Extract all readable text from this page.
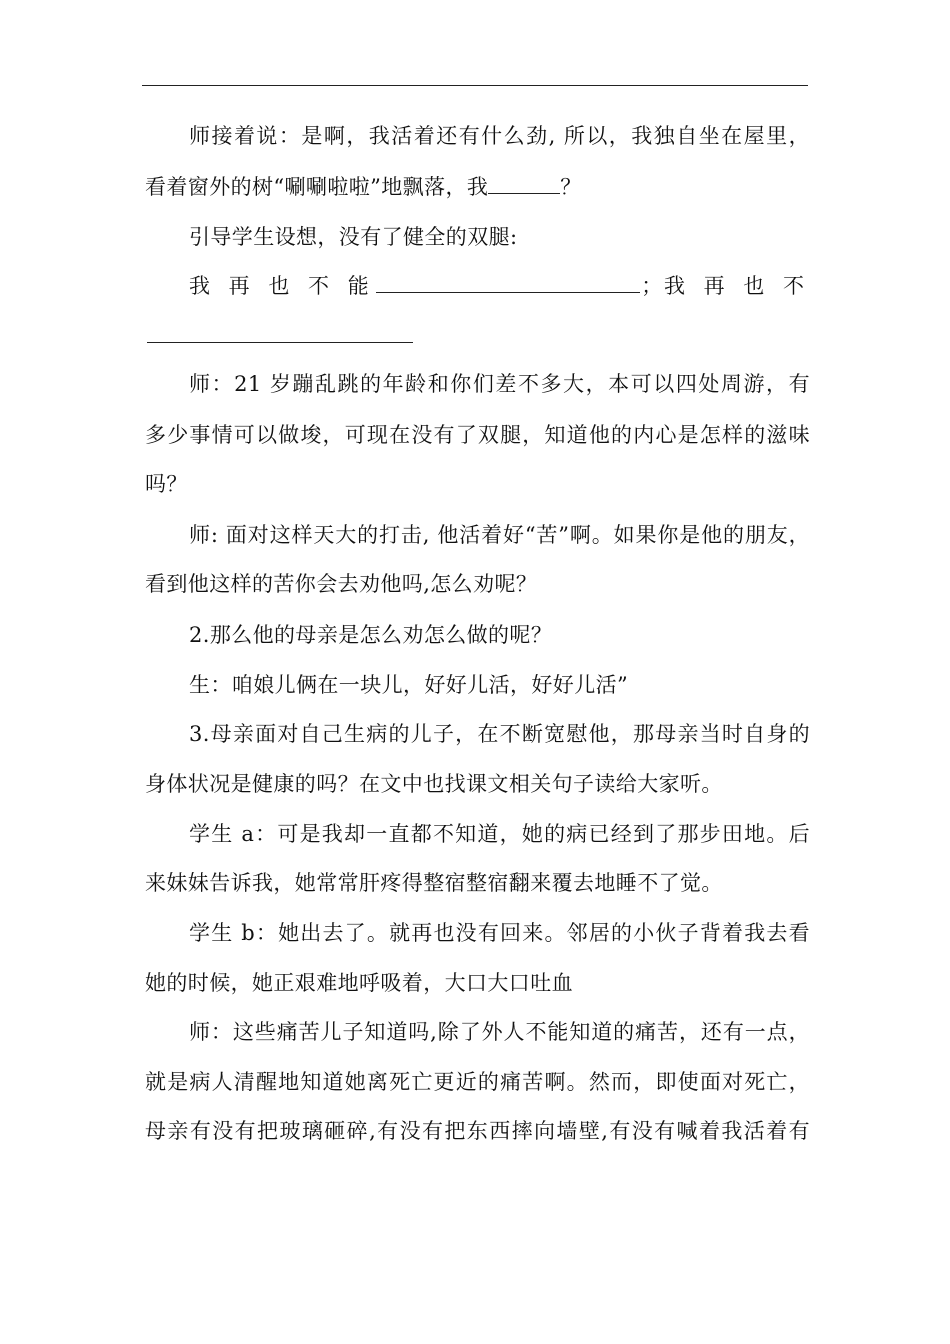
师接着说：是啊，我活着还有什么劲, 所以，我独自坐在屋里，
看着窗外的树“唰唰啦啦”地飘落，我	？
引导学生设想，没有了健全的双腿:
我 再 也 不 能	； 我 再 也 不
师：21 岁蹦乱跳的年龄和你们差不多大，本可以四处周游，有
多少事情可以做埈，可现在没有了双腿，知道他的内心是怎样的滋味
吗？
师: 面对这样天大的打击, 他活着好“苦”啊。如果你是他的朋友，
看到他这样的苦你会去劝他吗,怎么劝呢？
2.那么他的母亲是怎么劝怎么做的呢？
生：咱娘儿俩在一块儿，好好儿活，好好儿活”
3.母亲面对自己生病的儿子，在不断宽慰他，那母亲当时自身的
身体状况是健康的吗？在文中也找课文相关句子读给大家听。
学生 a：可是我却一直都不知道，她的病已经到了那步田地。后
来妹妹告诉我，她常常肝疼得整宿整宿翻来覆去地睡不了觉。
学生 b：她出去了。就再也没有回来。邻居的小伙子背着我去看
她的时候，她正艰难地呼吸着，大口大口吐血
师：这些痛苦儿子知道吗,除了外人不能知道的痛苦，还有一点，
就是病人清醒地知道她离死亡更近的痛苦啊。然而，即使面对死亡，
母亲有没有把玻璃砸碎,有没有把东西摔向墙壁,有没有喊着我活着有
